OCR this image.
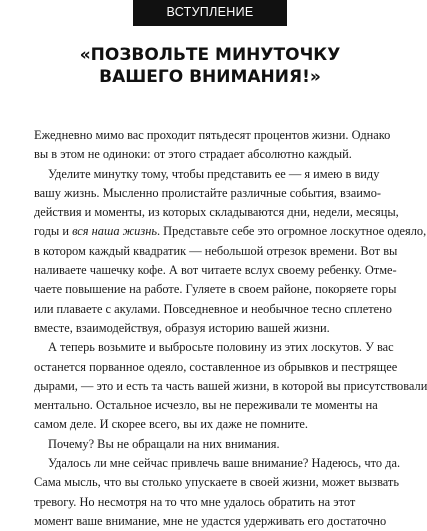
ВСТУПЛЕНИЕ
«ПОЗВОЛЬТЕ МИНУТОЧКУ
ВАШЕГО ВНИМАНИЯ!»
Ежедневно мимо вас проходит пятьдесят процентов жизни. Однако
вы в этом не одиноки: от этого страдает абсолютно каждый.
Уделите минутку тому, чтобы представить ее — я имею в виду
вашу жизнь. Мысленно пролистайте различные события, взаимо-
действия и моменты, из которых складываются дни, недели, месяцы,
годы и вся наша жизнь. Представьте себе это огромное лоскутное одеяло,
в котором каждый квадратик — небольшой отрезок времени. Вот вы
наливаете чашечку кофе. А вот читаете вслух своему ребенку. Отме-
чаете повышение на работе. Гуляете в своем районе, покоряете горы
или плаваете с акулами. Повседневное и необычное тесно сплетено
вместе, взаимодействуя, образуя историю вашей жизни.
А теперь возьмите и выбросьте половину из этих лоскутов. У вас
останется порванное одеяло, составленное из обрывков и пестрящее
дырами, — это и есть та часть вашей жизни, в которой вы присутствовали
ментально. Остальное исчезло, вы не переживали те моменты на
самом деле. И скорее всего, вы их даже не помните.
Почему? Вы не обращали на них внимания.
Удалось ли мне сейчас привлечь ваше внимание? Надеюсь, что да.
Сама мысль, что вы столько упускаете в своей жизни, может вызвать
тревогу. Но несмотря на то что мне удалось обратить на этот
момент ваше внимание, мне не удастся удерживать его достаточно
